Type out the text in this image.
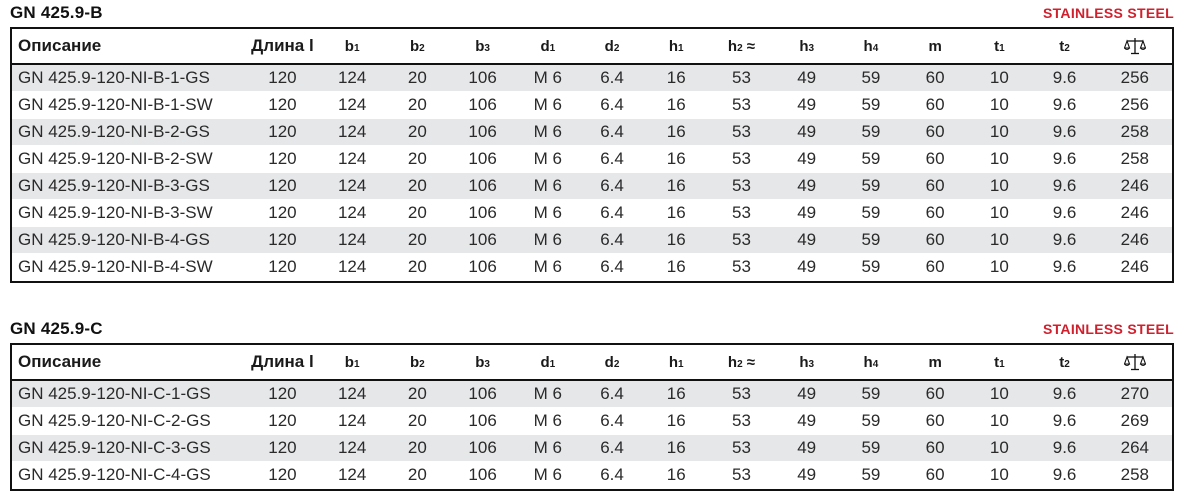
GN 425.9-B	STAINLESS STEEL
Описание	Длина l	b1	b2	b3	d1	d2	h1	h2 ≈	h3	h4	m	t1	t2	
GN 425.9-120-NI-B-1-GS	120	124	20	106	M 6	6.4	16	53	49	59	60	10	9.6	256
GN 425.9-120-NI-B-1-SW	120	124	20	106	M 6	6.4	16	53	49	59	60	10	9.6	256
GN 425.9-120-NI-B-2-GS	120	124	20	106	M 6	6.4	16	53	49	59	60	10	9.6	258
GN 425.9-120-NI-B-2-SW	120	124	20	106	M 6	6.4	16	53	49	59	60	10	9.6	258
GN 425.9-120-NI-B-3-GS	120	124	20	106	M 6	6.4	16	53	49	59	60	10	9.6	246
GN 425.9-120-NI-B-3-SW	120	124	20	106	M 6	6.4	16	53	49	59	60	10	9.6	246
GN 425.9-120-NI-B-4-GS	120	124	20	106	M 6	6.4	16	53	49	59	60	10	9.6	246
GN 425.9-120-NI-B-4-SW	120	124	20	106	M 6	6.4	16	53	49	59	60	10	9.6	246
GN 425.9-C	STAINLESS STEEL
Описание	Длина l	b1	b2	b3	d1	d2	h1	h2 ≈	h3	h4	m	t1	t2	
GN 425.9-120-NI-C-1-GS	120	124	20	106	M 6	6.4	16	53	49	59	60	10	9.6	270
GN 425.9-120-NI-C-2-GS	120	124	20	106	M 6	6.4	16	53	49	59	60	10	9.6	269
GN 425.9-120-NI-C-3-GS	120	124	20	106	M 6	6.4	16	53	49	59	60	10	9.6	264
GN 425.9-120-NI-C-4-GS	120	124	20	106	M 6	6.4	16	53	49	59	60	10	9.6	258
